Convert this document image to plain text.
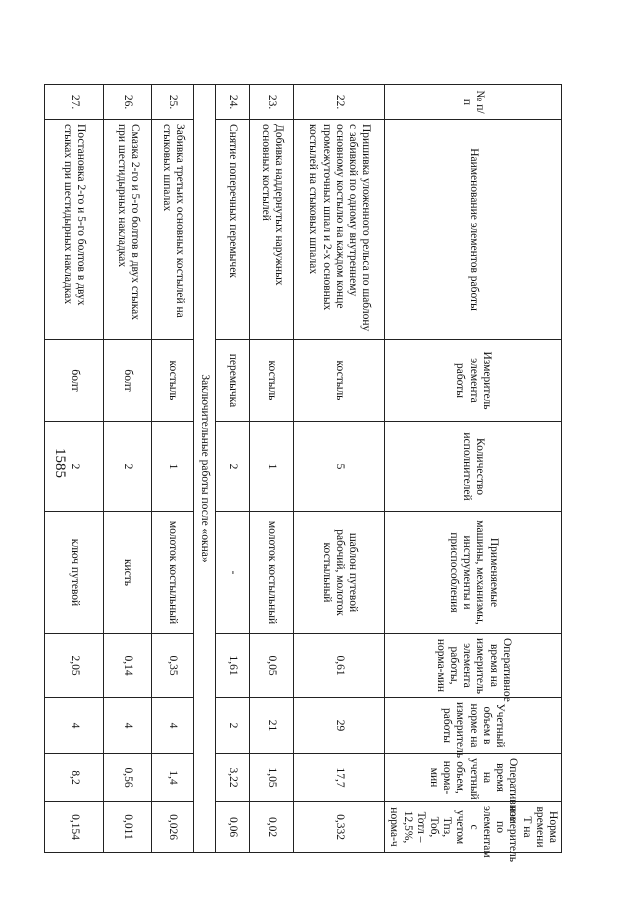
1585
№ п/п	Наименование элементов работы	Измеритель элемента работы	Количество исполнителей	Применяемые машины, механизмы, инструменты и приспособления	Оперативное время на измеритель элемента работы, норма-мин	Учетный объем в норме на измеритель работы	Оперативное время на учетный объем, норма-мин	Норма времени Т на измеритель по элементам с учетом Тпз, Тоб, Тотл – 12,5%, норма-ч
22.	Пришивка уложенного рельса по шаблону с забивкой по одному внутреннему основному костылю на каждом конце промежуточных шпал и 2-х основных костылей на стыковых шпалах	костыль	5	шаблон путевой рабочий, молоток костыльный	0,61	29	17,7	0,332
23.	Добивка наддернутых наружных основных костылей	костыль	1	молоток костыльный	0,05	21	1,05	0,02
24.	Снятие поперечных перемычек	перемычка	2	-	1,61	2	3,22	0,06
Заключительные работы после «окна»								
25.	Забивка третьих основных костылей на стыковых шпалах	костыль	1	молоток костыльный	0,35	4	1,4	0,026
26.	Смазка 2-го и 5-го болтов в двух стыках при шестидырных накладках	болт	2	кисть	0,14	4	0,56	0,011
27.	Постановка 2-го и 5-го болтов в двух стыках при шестидырных накладках	болт	2	ключ путевой	2,05	4	8,2	0,154
